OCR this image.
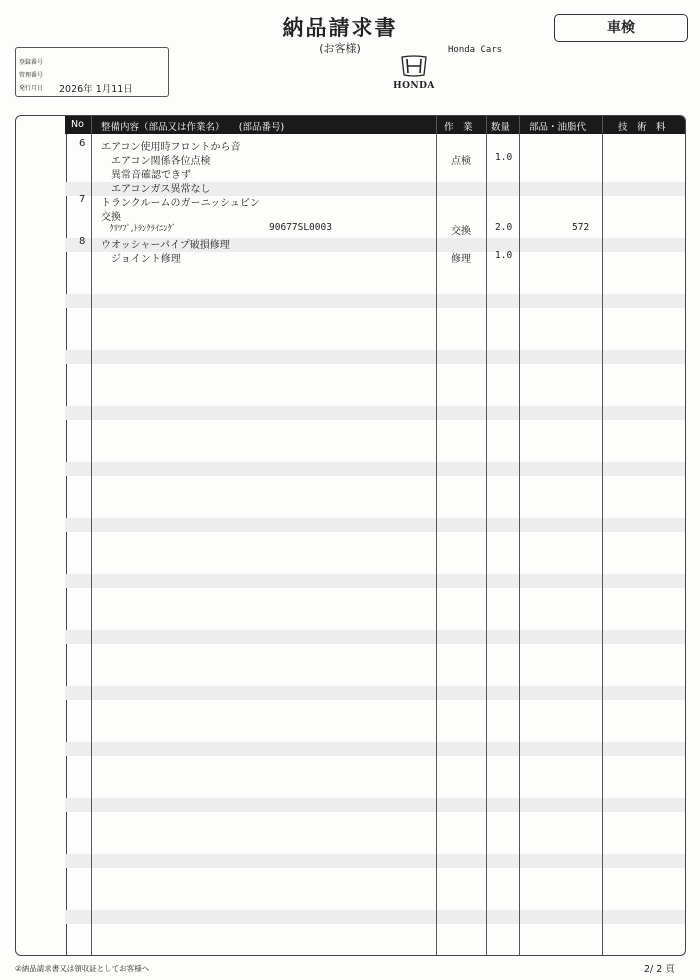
納品請求書
(お客様)
車検
Honda Cars
HONDA
登録番号
管理番号
発行月日 2026年 1月11日
No 整備内容（部品又は作業名）　　(部品番号)	作　業 数量 部品・油脂代	技　術　料
6 エアコン使用時フロントから音
　エアコン関係各位点検	点検	1.0
　異常音確認できず
　エアコンガス異常なし
7 トランクルームのガーニッシュピン
交換
　ｸﾘﾂﾌﾟ,ﾄﾗﾝｸﾗｲﾆﾝｸﾞ	90677SL0003	交換	2.0	572
8 ウオッシャーパイプ破損修理
　ジョイント修理	修理	1.0
②納品請求書又は領収証としてお客様へ	2/ 2 頁
